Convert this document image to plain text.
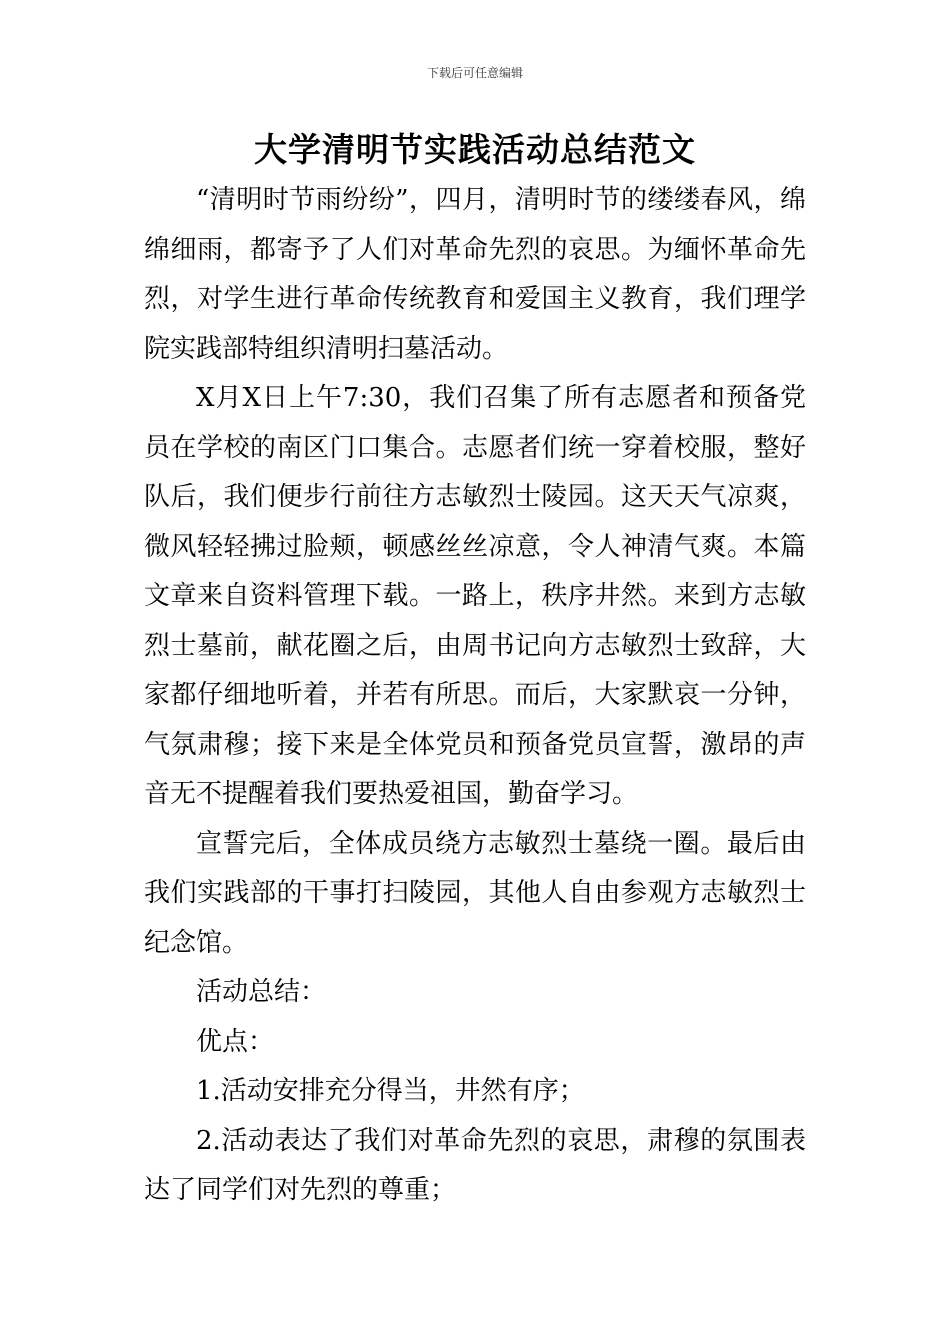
下载后可任意编辑
大学清明节实践活动总结范文

“清明时节雨纷纷”，四月，清明时节的缕缕春风，绵绵细雨，都寄予了人们对革命先烈的哀思。为缅怀革命先烈，对学生进行革命传统教育和爱国主义教育，我们理学院实践部特组织清明扫墓活动。

X月X日上午7:30，我们召集了所有志愿者和预备党员在学校的南区门口集合。志愿者们统一穿着校服，整好队后，我们便步行前往方志敏烈士陵园。这天天气凉爽，微风轻轻拂过脸颊，顿感丝丝凉意，令人神清气爽。本篇文章来自资料管理下载。一路上，秩序井然。来到方志敏烈士墓前，献花圈之后，由周书记向方志敏烈士致辞，大家都仔细地听着，并若有所思。而后，大家默哀一分钟，气氛肃穆；接下来是全体党员和预备党员宣誓，激昂的声音无不提醒着我们要热爱祖国，勤奋学习。

宣誓完后，全体成员绕方志敏烈士墓绕一圈。最后由我们实践部的干事打扫陵园，其他人自由参观方志敏烈士纪念馆。

活动总结：

优点：

1.活动安排充分得当，井然有序；

2.活动表达了我们对革命先烈的哀思，肃穆的氛围表达了同学们对先烈的尊重；
